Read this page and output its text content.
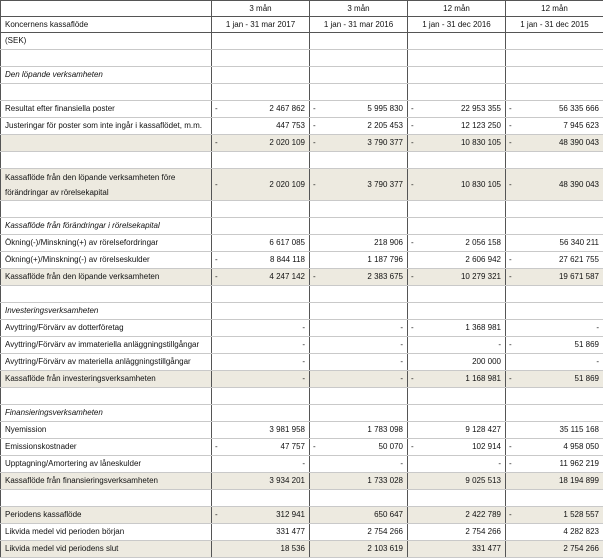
	3 mån	3 mån	12 mån	12 mån
Koncernens kassaflöde	1 jan - 31 mar 2017	1 jan - 31 mar 2016	1 jan - 31 dec 2016	1 jan - 31 dec 2015
(SEK)				

Den löpande verksamheten				

Resultat efter finansiella poster	- 2 467 862	- 5 995 830	- 22 953 355	- 56 335 666
Justeringar för poster som inte ingår i kassaflödet, m.m.	447 753	- 2 205 453	- 12 123 250	- 7 945 623

	- 2 020 109	- 3 790 377	- 10 830 105	- 48 390 043

Kassaflöde från den löpande verksamheten före förändringar av rörelsekapital	- 2 020 109	- 3 790 377	- 10 830 105	- 48 390 043

Kassaflöde från förändringar i rörelsekapital				
Ökning(-)/Minskning(+) av rörelsefordringar	6 617 085	218 906	- 2 056 158	56 340 211
Ökning(+)/Minskning(-) av rörelseskulder	- 8 844 118	1 187 796	2 606 942	- 27 621 755
Kassaflöde från den löpande verksamheten	- 4 247 142	- 2 383 675	- 10 279 321	- 19 671 587

Investeringsverksamheten				
Avyttring/Förvärv av dotterföretag	-	-	- 1 368 981	-
Avyttring/Förvärv av immateriella anläggningstillgångar	-	-	-	- 51 869
Avyttring/Förvärv av materiella anläggningstillgångar	-	-	200 000	-
Kassaflöde från investeringsverksamheten	-	-	- 1 168 981	- 51 869

Finansieringsverksamheten				
Nyemission	3 981 958	1 783 098	9 128 427	35 115 168
Emissionskostnader	- 47 757	- 50 070	- 102 914	- 4 958 050
Upptagning/Amortering av låneskulder	-	-	-	- 11 962 219
Kassaflöde från finansieringsverksamheten	3 934 201	1 733 028	9 025 513	18 194 899

Periodens kassaflöde	- 312 941	650 647	2 422 789	- 1 528 557
Likvida medel vid perioden början	331 477	2 754 266	2 754 266	4 282 823
Likvida medel vid periodens slut	18 536	2 103 619	331 477	2 754 266
